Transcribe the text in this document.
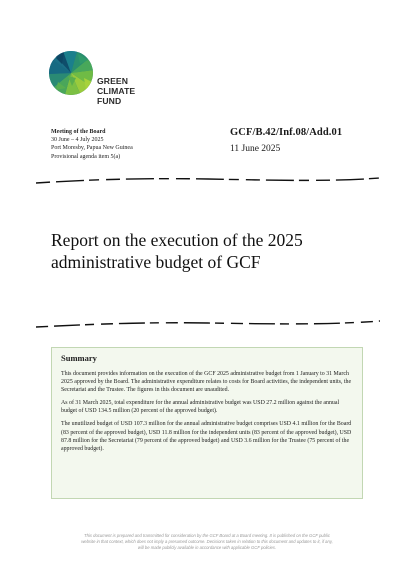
GREEN
CLIMATE
FUND
Meeting of the Board
30 June – 4 July 2025
Port Moresby, Papua New Guinea
Provisional agenda item 5(a)
GCF/B.42/Inf.08/Add.01
11 June 2025
Report on the execution of the 2025
administrative budget of GCF
Summary

This document provides information on the execution of the GCF 2025 administrative budget from 1 January to 31 March 2025 approved by the Board. The administrative expenditure relates to costs for Board activities, the independent units, the Secretariat and the Trustee. The figures in this document are unaudited.

As of 31 March 2025, total expenditure for the annual administrative budget was USD 27.2 million against the annual budget of USD 134.5 million (20 percent of the approved budget).

The unutilized budget of USD 107.3 million for the annual administrative budget comprises USD 4.1 million for the Board (83 percent of the approved budget), USD 11.8 million for the independent units (83 percent of the approved budget), USD 87.8 million for the Secretariat (79 percent of the approved budget) and USD 3.6 million for the Trustee (75 percent of the approved budget).

This document is prepared and transmitted for consideration by the GCF Board at a Board meeting. It is published on the GCF public
website in that context, which does not imply a presumed outcome. Decisions taken in relation to this document and updates to it, if any,
will be made publicly available in accordance with applicable GCF policies.
